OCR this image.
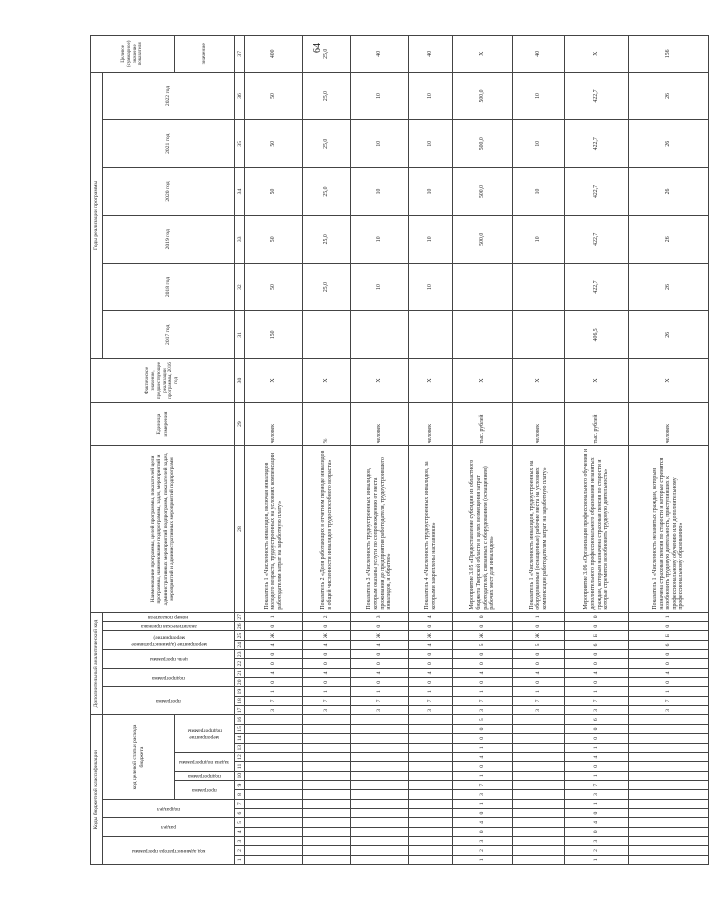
64
Коды бюджетной классификации																Дополнительный аналитический код											Наименование программы, целей программы, показателей цели программы, наименование подпрограммы, задач, мероприятий и административных мероприятий подпрограмм, показателей задач, мероприятий и административных мероприятий подпрограмм	Единица измерения	Фактическое значение, предшествующее реализации программы, 2016 год	Годы реализации программы						Целевое (суммарное) значение показателя

код администратора программы			раздел		подраздел		код целевой статьи расхода бюджета									программа			подпрограмма		цель программы		мероприятие (административное мероприятие)		аналитическая признака	номер показателя				2017 год	2018 год	2019 год	2020 год	2021 год	2022 год	

							программа		подпрограмма	задача подпрограммы		мероприятие подпрограммы																								значение
1	2	3	4	5	6	7	8	9	10	11	12	13	14	15	16	17	18	19	20	21	22	23	24	25	26	27	28	29	30	31	32	33	34	35	36	37
																3	7	1	0	4	0	0	4	Ж	0	1	Показатель 1 «Численность инвалидов, включая инвалидов молодого возраста, трудоустроенных на условиях компенсации работодателям затрат на заработную плату»	человек	Х	150	50	50	50	50	50	400
																3	7	1	0	4	0	0	4	Ж	0	2	Показатель 2 «Доля работающих в отчетном периоде инвалидов в общей численности инвалидов трудоспособного возраста»	%	Х		25,0	25,0	25,0	25,0	25,0	25,0
																3	7	1	0	4	0	0	4	Ж	0	3	Показатель 3 «Численность трудоустроенных инвалидов, которым оказаны услуги по сопровождению от места проживания до предприятия работодателя, трудоустроившего инвалидов, и обратно»	человек	Х		10	10	10	10	10	40
																3	7	1	0	4	0	0	4	Ж	0	4	Показатель 4 «Численность трудоустроенных инвалидов, за которыми закреплены наставники»	человек	Х		10	10	10	10	10	40
1	2	3	0	4	0	1	3	7	1	0	4	1	0	0	5	3	7	1	0	4	0	0	5	Ж	0	0	Мероприятие 3.05 «Предоставление субсидии из областного бюджета Тверской области в целях возмещения затрат работодателей, связанных с оборудованием (оснащением) рабочих мест для инвалидов»	тыс. рублей	Х			500,0	500,0	500,0	500,0	Х
																3	7	1	0	4	0	0	5	Ж	0	1	Показатель 1 «Численность инвалидов, трудоустроенных на оборудованные (оснащенные) рабочие места на условиях компенсации работодателям затрат на заработную плату»	человек	Х			10	10	10	10	40
1	2	3	0	4	0	1	3	7	1	0	4	1	0	0	6	3	7	1	0	4	0	0	6	Б	0	0	Мероприятие 3.06 «Организация профессионального обучения и дополнительного профессионального образования незанятых граждан, которым назначена страховая пенсия по старости и которые стремятся возобновить трудовую деятельность»	тыс. рублей	Х	406,5	422,7	422,7	422,7	422,7	422,7	Х
																3	7	1	0	4	0	0	6	Б	0	1	Показатель 1 «Численность незанятых граждан, которым назначена страховая пенсия по старости и которые стремятся возобновить трудовую деятельность, приступивших к профессиональному обучению или дополнительному профессиональному образованию»	человек	Х	26	26	26	26	26	26	156
